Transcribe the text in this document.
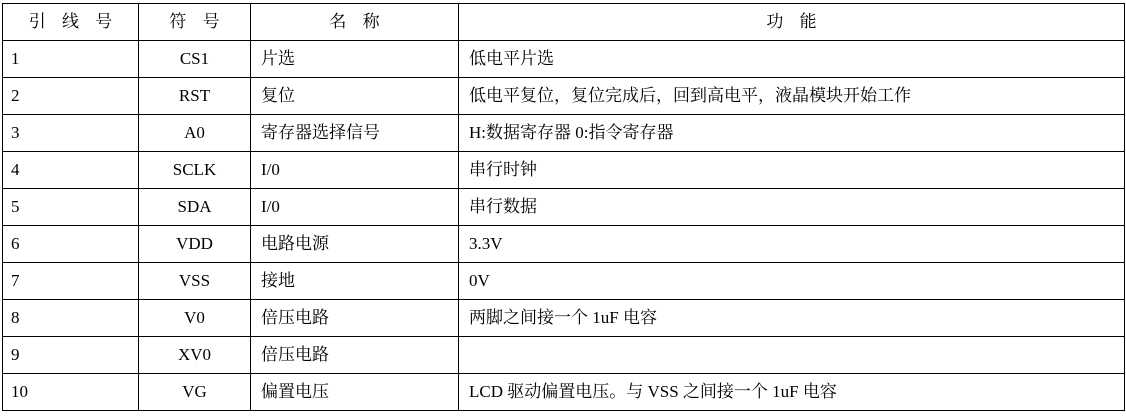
引 线 号	符 号	名 称	功 能
1	CS1	片选	低电平片选
2	RST	复位	低电平复位，复位完成后，回到高电平，液晶模块开始工作
3	A0	寄存器选择信号	H:数据寄存器 0:指令寄存器
4	SCLK	I/0	串行时钟
5	SDA	I/0	串行数据
6	VDD	电路电源	3.3V
7	VSS	接地	0V
8	V0	倍压电路	两脚之间接一个 1uF 电容
9	XV0	倍压电路	
10	VG	偏置电压	LCD 驱动偏置电压。与 VSS 之间接一个 1uF 电容
